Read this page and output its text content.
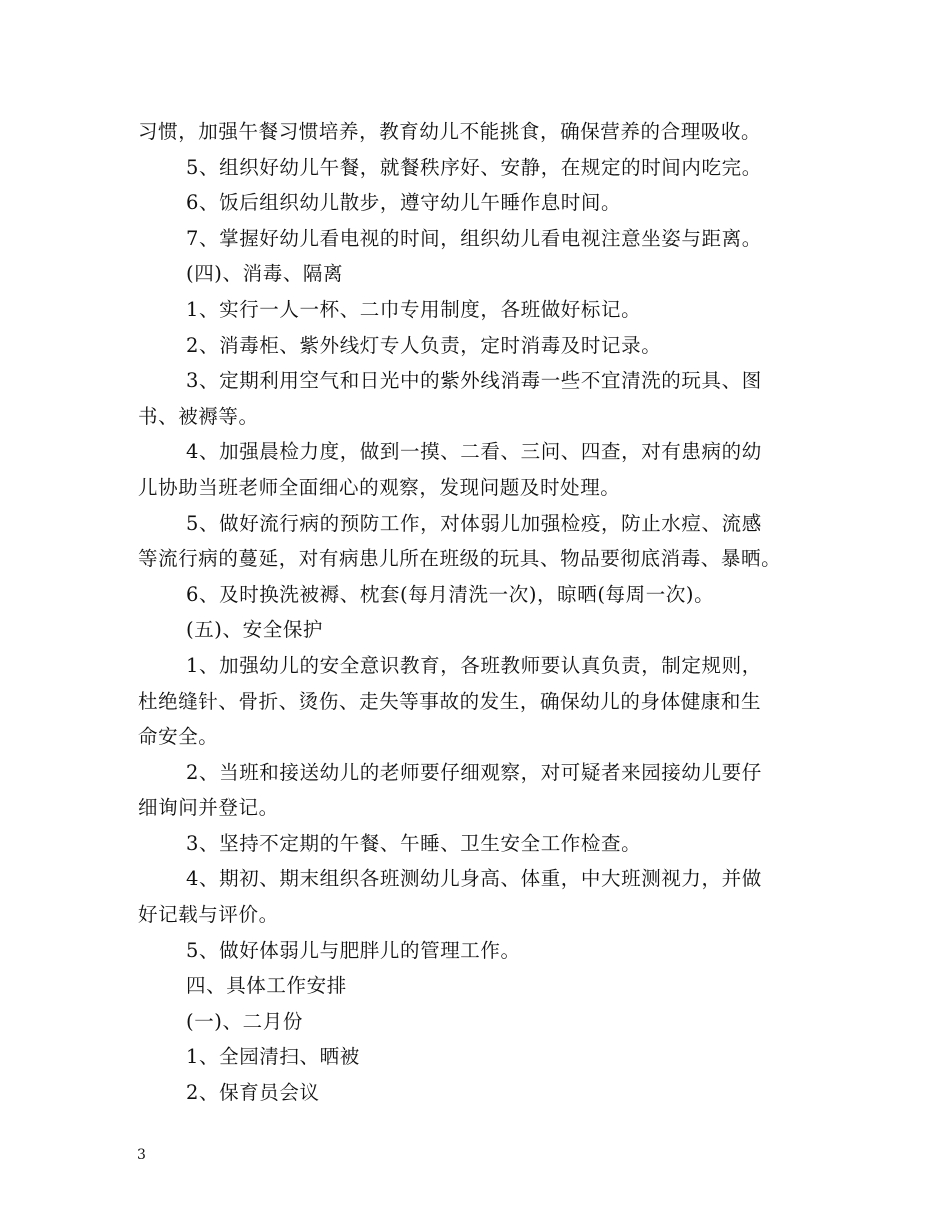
习惯，加强午餐习惯培养，教育幼儿不能挑食，确保营养的合理吸收。
5、组织好幼儿午餐，就餐秩序好、安静，在规定的时间内吃完。
6、饭后组织幼儿散步，遵守幼儿午睡作息时间。
7、掌握好幼儿看电视的时间，组织幼儿看电视注意坐姿与距离。
(四)、消毒、隔离
1、实行一人一杯、二巾专用制度，各班做好标记。
2、消毒柜、紫外线灯专人负责，定时消毒及时记录。
3、定期利用空气和日光中的紫外线消毒一些不宜清洗的玩具、图
书、被褥等。
4、加强晨检力度，做到一摸、二看、三问、四查，对有患病的幼
儿协助当班老师全面细心的观察，发现问题及时处理。
5、做好流行病的预防工作，对体弱儿加强检疫，防止水痘、流感
等流行病的蔓延，对有病患儿所在班级的玩具、物品要彻底消毒、暴晒。
6、及时换洗被褥、枕套(每月清洗一次)，晾晒(每周一次)。
(五)、安全保护
1、加强幼儿的安全意识教育，各班教师要认真负责，制定规则，
杜绝缝针、骨折、烫伤、走失等事故的发生，确保幼儿的身体健康和生
命安全。
2、当班和接送幼儿的老师要仔细观察，对可疑者来园接幼儿要仔
细询问并登记。
3、坚持不定期的午餐、午睡、卫生安全工作检查。
4、期初、期末组织各班测幼儿身高、体重，中大班测视力，并做
好记载与评价。
5、做好体弱儿与肥胖儿的管理工作。
四、具体工作安排
(一)、二月份
1、全园清扫、晒被
2、保育员会议
3
